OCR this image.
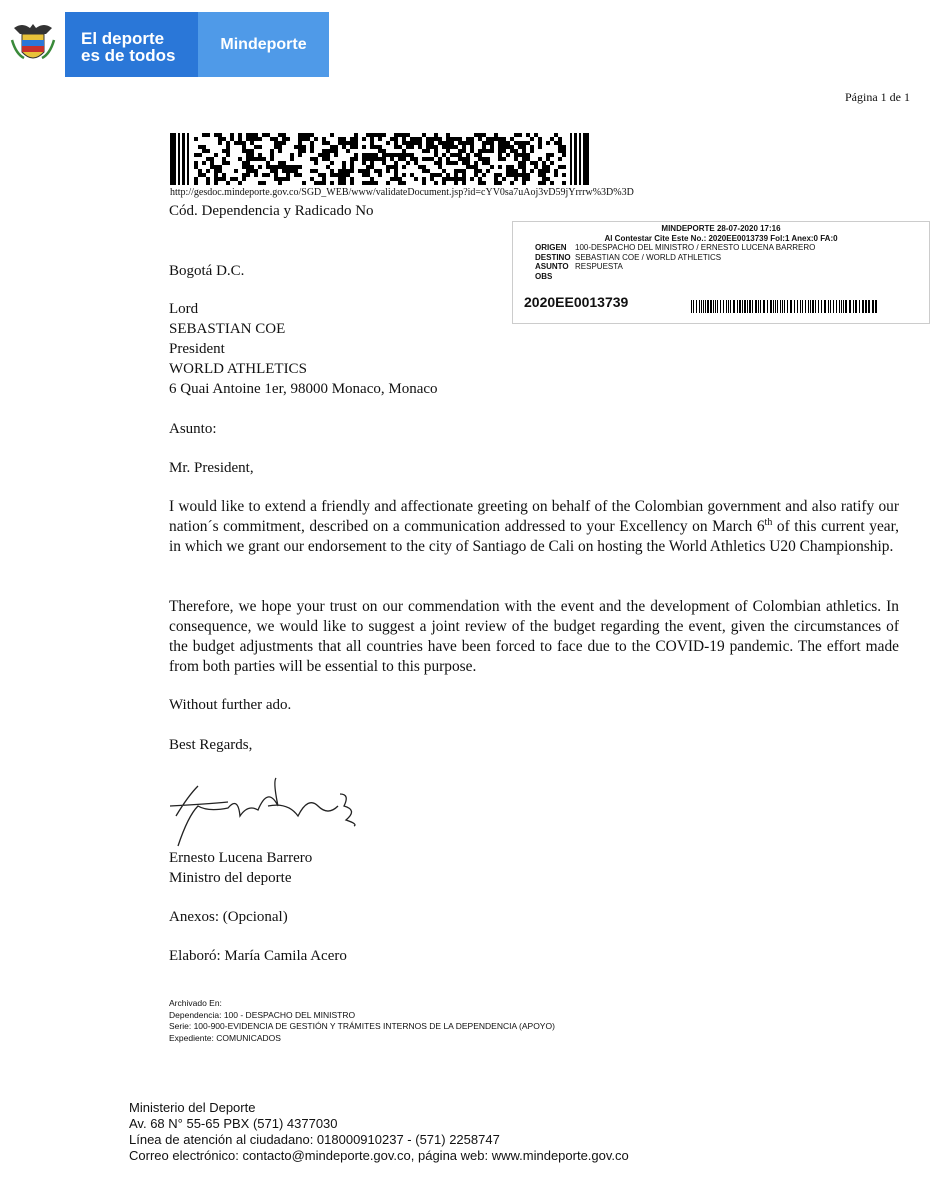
El deporte
es de todos
Mindeporte
Página 1 de 1
http://gesdoc.mindeporte.gov.co/SGD_WEB/www/validateDocument.jsp?id=cYV0sa7uAoj3vD59jYrrrw%3D%3D
Cód. Dependencia y Radicado No
MINDEPORTE 28-07-2020 17:16
Al Contestar Cite Este No.: 2020EE0013739 Fol:1 Anex:0 FA:0
ORIGEN	100-DESPACHO DEL MINISTRO / ERNESTO LUCENA BARRERO
DESTINO SEBASTIAN COE / WORLD ATHLETICS
ASUNTO RESPUESTA
OBS
2020EE0013739
Bogotá D.C.
Lord
SEBASTIAN COE
President
WORLD ATHLETICS
6 Quai Antoine 1er, 98000 Monaco, Monaco
Asunto:
Mr. President,
I would like to extend a friendly and affectionate greeting on behalf of the Colombian government and also ratify our nation´s commitment, described on a communication addressed to your Excellency on March 6th of this current year, in which we grant our endorsement to the city of Santiago de Cali on hosting the World Athletics U20 Championship.
Therefore, we hope your trust on our commendation with the event and the development of Colombian athletics. In consequence, we would like to suggest a joint review of the budget regarding the event, given the circumstances of the budget adjustments that all countries have been forced to face due to the COVID-19 pandemic. The effort made from both parties will be essential to this purpose.
Without further ado.
Best Regards,
Ernesto Lucena Barrero
Ministro del deporte
Anexos: (Opcional)
Elaboró: María Camila Acero
Archivado En:
Dependencia: 100 - DESPACHO DEL MINISTRO
Serie: 100-900-EVIDENCIA DE GESTIÓN Y TRÁMITES INTERNOS DE LA DEPENDENCIA (APOYO)
Expediente: COMUNICADOS
Ministerio del Deporte
Av. 68 N° 55-65 PBX (571) 4377030
Línea de atención al ciudadano: 018000910237 - (571) 2258747
Correo electrónico: contacto@mindeporte.gov.co, página web: www.mindeporte.gov.co
